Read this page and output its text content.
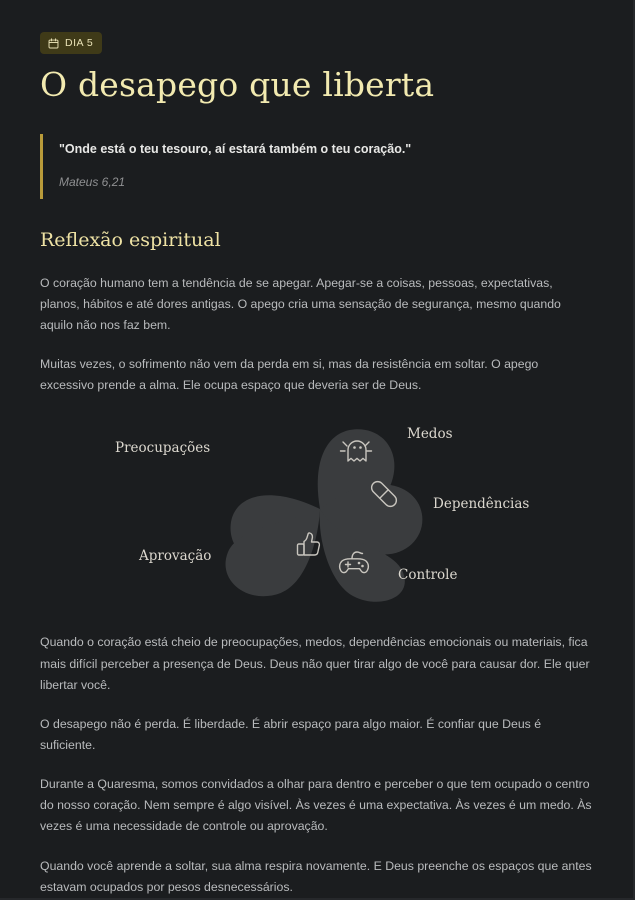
DIA 5
O desapego que liberta

"Onde está o teu tesouro, aí estará também o teu coração."

Mateus 6,21

Reflexão espiritual

O coração humano tem a tendência de se apegar. Apegar-se a coisas, pessoas, expectativas, planos, hábitos e até dores antigas. O apego cria uma sensação de segurança, mesmo quando aquilo não nos faz bem.

Muitas vezes, o sofrimento não vem da perda em si, mas da resistência em soltar. O apego excessivo prende a alma. Ele ocupa espaço que deveria ser de Deus.

Preocupações
Medos
Dependências
Controle
Aprovação

Quando o coração está cheio de preocupações, medos, dependências emocionais ou materiais, fica mais difícil perceber a presença de Deus. Deus não quer tirar algo de você para causar dor. Ele quer libertar você.

O desapego não é perda. É liberdade. É abrir espaço para algo maior. É confiar que Deus é suficiente.

Durante a Quaresma, somos convidados a olhar para dentro e perceber o que tem ocupado o centro do nosso coração. Nem sempre é algo visível. Às vezes é uma expectativa. Às vezes é um medo. Às vezes é uma necessidade de controle ou aprovação.

Quando você aprende a soltar, sua alma respira novamente. E Deus preenche os espaços que antes estavam ocupados por pesos desnecessários.
